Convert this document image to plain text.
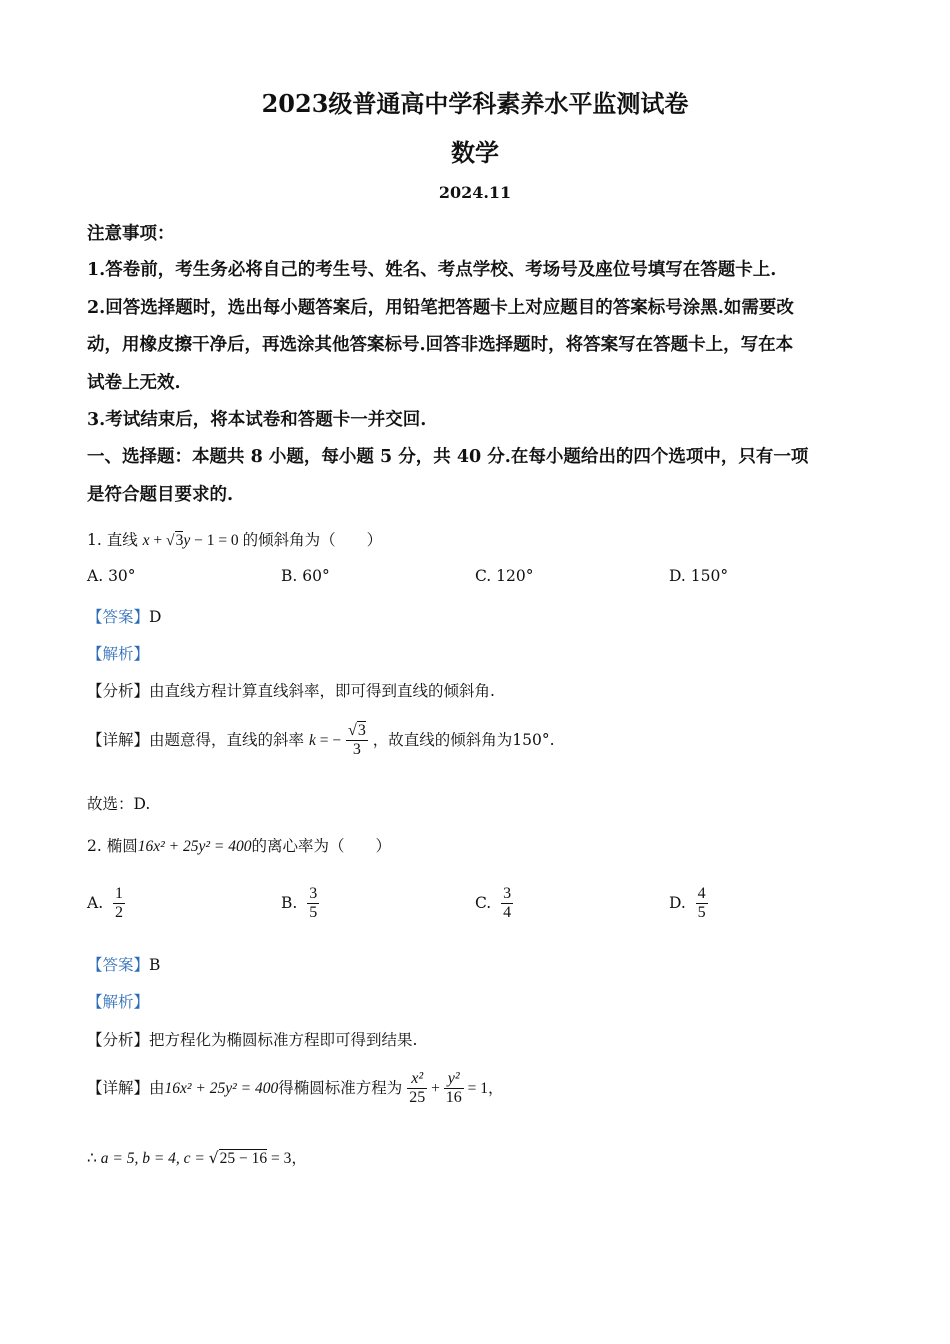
2023级普通高中学科素养水平监测试卷
数学
2024.11
注意事项：
1.答卷前，考生务必将自己的考生号、姓名、考点学校、考场号及座位号填写在答题卡上.
2.回答选择题时，选出每小题答案后，用铅笔把答题卡上对应题目的答案标号涂黑.如需要改
动，用橡皮擦干净后，再选涂其他答案标号.回答非选择题时，将答案写在答题卡上，写在本
试卷上无效.
3.考试结束后，将本试卷和答题卡一并交回.
一、选择题：本题共 8 小题，每小题 5 分，共 40 分.在每小题给出的四个选项中，只有一项
是符合题目要求的.
1. 直线 x + √3y − 1 = 0 的倾斜角为（　　）
A. 30°	B. 60°	C. 120°	D. 150°
【答案】D
【解析】
【分析】由直线方程计算直线斜率，即可得到直线的倾斜角.
【详解】由题意得，直线的斜率 k = − $\frac{√3}{3}$ ，故直线的倾斜角为150°.
故选：D.
2. 椭圆16x² + 25y² = 400的离心率为（　　）
A. $\frac{1}{2}$	B. $\frac{3}{5}$	C. $\frac{3}{4}$	D. $\frac{4}{5}$
【答案】B
【解析】
【分析】把方程化为椭圆标准方程即可得到结果.
【详解】由16x² + 25y² = 400得椭圆标准方程为 $\frac{\text{x²}}{25} + \frac{\text{y²}}{16} = 1$，
∴ a = 5, b = 4, c = √25 − 16 = 3，
